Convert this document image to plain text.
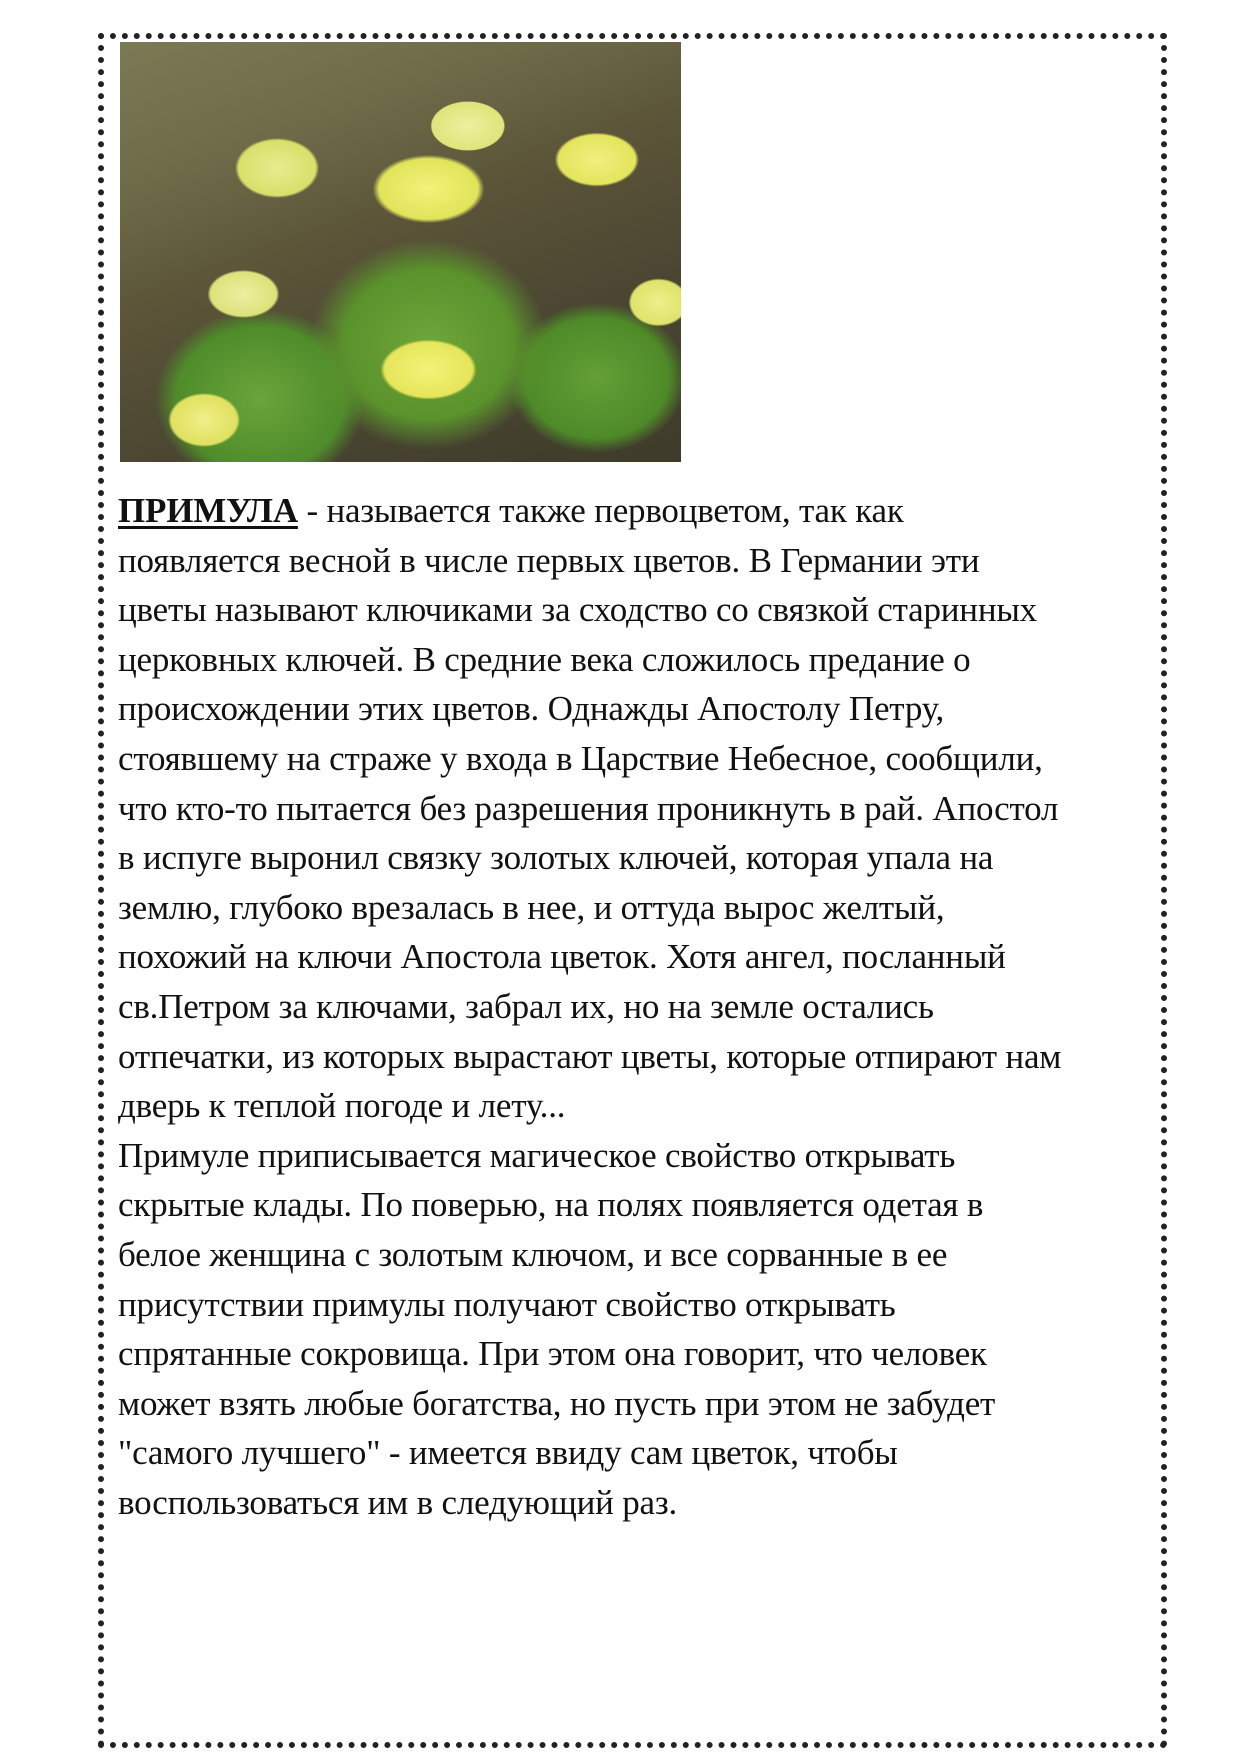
ПРИМУЛА - называется также первоцветом, так как
появляется весной в числе первых цветов. В Германии эти
цветы называют ключиками за сходство со связкой старинных
церковных ключей. В средние века сложилось предание о
происхождении этих цветов. Однажды Апостолу Петру,
стоявшему на страже у входа в Царствие Небесное, сообщили,
что кто-то пытается без разрешения проникнуть в рай. Апостол
в испуге выронил связку золотых ключей, которая упала на
землю, глубоко врезалась в нее, и оттуда вырос желтый,
похожий на ключи Апостола цветок. Хотя ангел, посланный
св.Петром за ключами, забрал их, но на земле остались
отпечатки, из которых вырастают цветы, которые отпирают нам
дверь к теплой погоде и лету...
Примуле приписывается магическое свойство открывать
скрытые клады. По поверью, на полях появляется одетая в
белое женщина с золотым ключом, и все сорванные в ее
присутствии примулы получают свойство открывать
спрятанные сокровища. При этом она говорит, что человек
может взять любые богатства, но пусть при этом не забудет
"самого лучшего" - имеется ввиду сам цветок, чтобы
воспользоваться им в следующий раз.
